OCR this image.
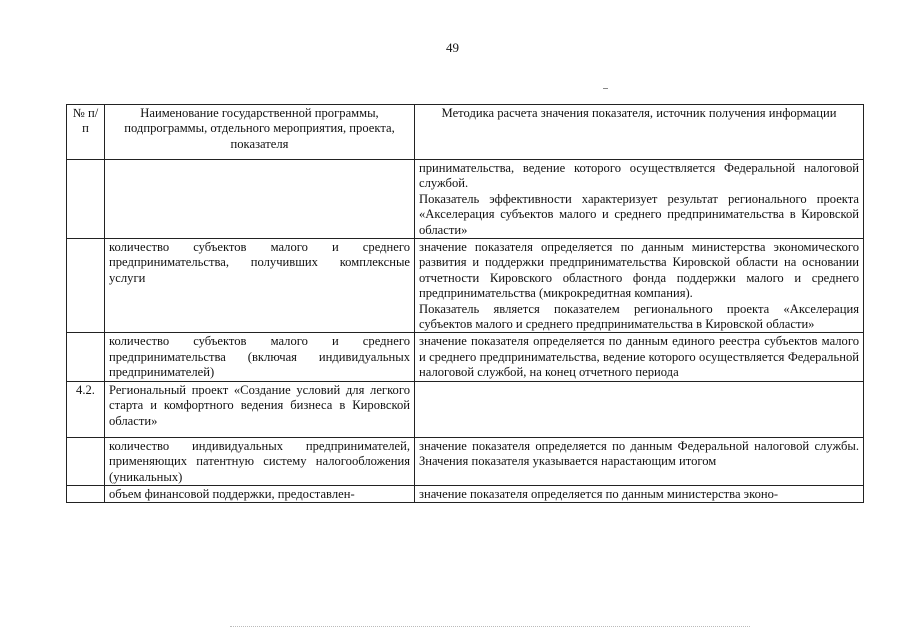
49
№ п/п	Наименование государственной программы, подпрограммы, отдельного мероприятия, проекта, показателя	Методика расчета значения показателя, источник получения информации

		принимательства, ведение которого осуществляется Федеральной налоговой службой.
Показатель эффективности характеризует результат регионального проекта «Акселерация субъектов малого и среднего предпринимательства в Кировской области»

	количество субъектов малого и среднего предпринимательства, получивших комплексные услуги	значение показателя определяется по данным министерства экономического развития и поддержки предпринимательства Кировской области на основании отчетности Кировского областного фонда поддержки малого и среднего предпринимательства (микрокредитная компания).
Показатель является показателем регионального проекта «Акселерация субъектов малого и среднего предпринимательства в Кировской области»

	количество субъектов малого и среднего предпринимательства (включая индивидуальных предпринимателей)	значение показателя определяется по данным единого реестра субъектов малого и среднего предпринимательства, ведение которого осуществляется Федеральной налоговой службой, на конец отчетного периода

4.2.	Региональный проект «Создание условий для легкого старта и комфортного ведения бизнеса в Кировской области»	
	количество индивидуальных предпринимателей, применяющих патентную систему налогообложения (уникальных)	значение показателя определяется по данным Федеральной налоговой службы. Значения показателя указывается нарастающим итогом

	объем финансовой поддержки, предоставлен-	значение показателя определяется по данным министерства эконо-
